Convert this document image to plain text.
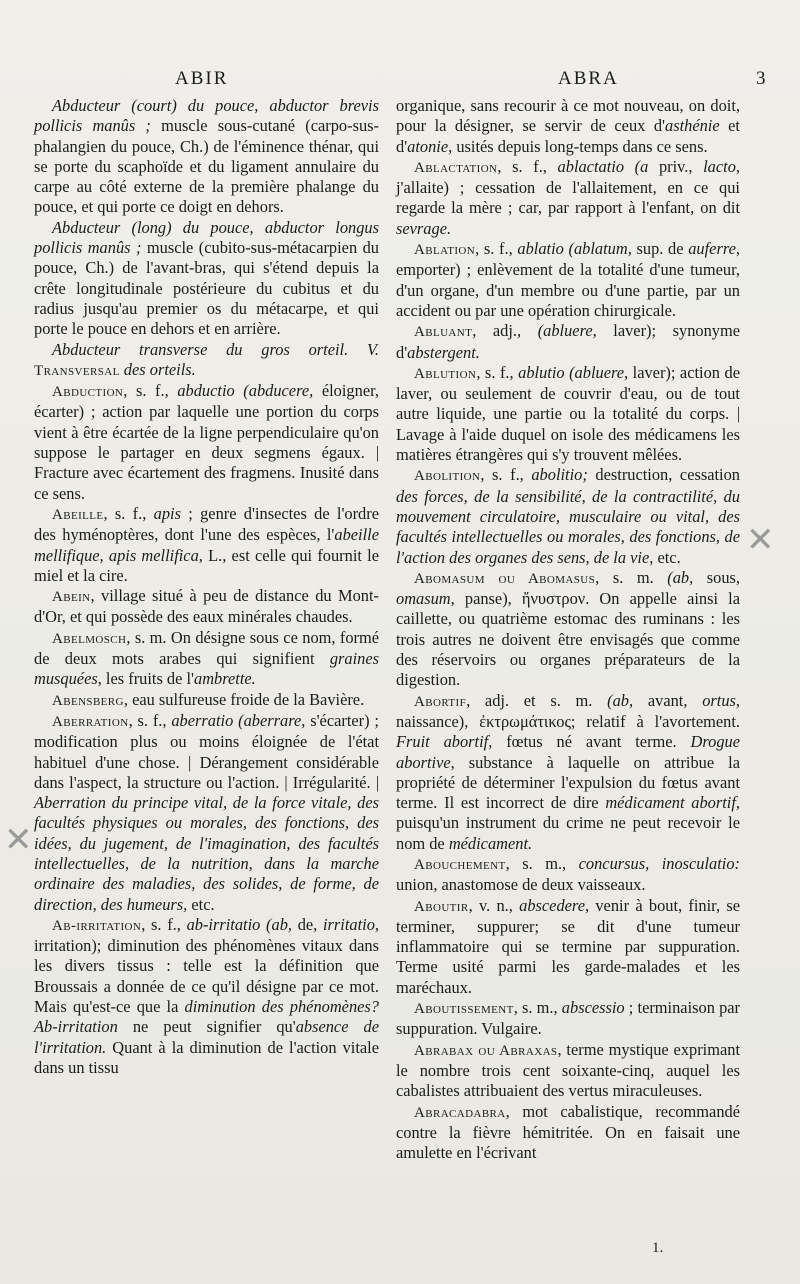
ABIR	ABRA	3

Abducteur (court) du pouce, abductor brevis pollicis manûs ; muscle sous-cutané (carpo-sus-phalangien du pouce, Ch.) de l'éminence thénar, qui se porte du scaphoïde et du ligament annulaire du carpe au côté externe de la première phalange du pouce, et qui porte ce doigt en dehors.

Abducteur (long) du pouce, abductor longus pollicis manûs ; muscle (cubito-sus-métacarpien du pouce, Ch.) de l'avant-bras, qui s'étend depuis la crête longitudinale postérieure du cubitus et du radius jusqu'au premier os du métacarpe, et qui porte le pouce en dehors et en arrière.

Abducteur transverse du gros orteil. V. Transversal des orteils.

Abduction, s. f., abductio (abducere, éloigner, écarter) ; action par laquelle une portion du corps vient à être écartée de la ligne perpendiculaire qu'on suppose le partager en deux segmens égaux. | Fracture avec écartement des fragmens. Inusité dans ce sens.

Abeille, s. f., apis ; genre d'insectes de l'ordre des hyménoptères, dont l'une des espèces, l'abeille mellifique, apis mellifica, L., est celle qui fournit le miel et la cire.

Abein, village situé à peu de distance du Mont-d'Or, et qui possède des eaux minérales chaudes.

Abelmosch, s. m. On désigne sous ce nom, formé de deux mots arabes qui signifient graines musquées, les fruits de l'ambrette.

Abensberg, eau sulfureuse froide de la Bavière.

Aberration, s. f., aberratio (aberrare, s'écarter) ; modification plus ou moins éloignée de l'état habituel d'une chose. | Dérangement considérable dans l'aspect, la structure ou l'action. | Irrégularité. | Aberration du principe vital, de la force vitale, des facultés physiques ou morales, des fonctions, des idées, du jugement, de l'imagination, des facultés intellectuelles, de la nutrition, dans la marche ordinaire des maladies, des solides, de forme, de direction, des humeurs, etc.

Ab-irritation, s. f., ab-irritatio (ab, de, irritatio, irritation); diminution des phénomènes vitaux dans les divers tissus : telle est la définition que Broussais a donnée de ce qu'il désigne par ce mot. Mais qu'est-ce que la diminution des phénomènes? Ab-irritation ne peut signifier qu'absence de l'irritation. Quant à la diminution de l'action vitale dans un tissu

organique, sans recourir à ce mot nouveau, on doit, pour la désigner, se servir de ceux d'asthénie et d'atonie, usités depuis long-temps dans ce sens.

Ablactation, s. f., ablactatio (a priv., lacto, j'allaite) ; cessation de l'allaitement, en ce qui regarde la mère ; car, par rapport à l'enfant, on dit sevrage.

Ablation, s. f., ablatio (ablatum, sup. de auferre, emporter) ; enlèvement de la totalité d'une tumeur, d'un organe, d'un membre ou d'une partie, par un accident ou par une opération chirurgicale.

Abluant, adj., (abluere, laver); synonyme d'abstergent.

Ablution, s. f., ablutio (abluere, laver); action de laver, ou seulement de couvrir d'eau, ou de tout autre liquide, une partie ou la totalité du corps. | Lavage à l'aide duquel on isole des médicamens les matières étrangères qui s'y trouvent mêlées.

Abolition, s. f., abolitio; destruction, cessation des forces, de la sensibilité, de la contractilité, du mouvement circulatoire, musculaire ou vital, des facultés intellectuelles ou morales, des fonctions, de l'action des organes des sens, de la vie, etc.

Abomasum ou Abomasus, s. m. (ab, sous, omasum, panse), ἤνυστρον. On appelle ainsi la caillette, ou quatrième estomac des ruminans : les trois autres ne doivent être envisagés que comme des réservoirs ou organes préparateurs de la digestion.

Abortif, adj. et s. m. (ab, avant, ortus, naissance), ἐκτρωμάτικος; relatif à l'avortement. Fruit abortif, fœtus né avant terme. Drogue abortive, substance à laquelle on attribue la propriété de déterminer l'expulsion du fœtus avant terme. Il est incorrect de dire médicament abortif, puisqu'un instrument du crime ne peut recevoir le nom de médicament.

Abouchement, s. m., concursus, inosculatio: union, anastomose de deux vaisseaux.

Aboutir, v. n., abscedere, venir à bout, finir, se terminer, suppurer; se dit d'une tumeur inflammatoire qui se termine par suppuration. Terme usité parmi les garde-malades et les maréchaux.

Aboutissement, s. m., abscessio ; terminaison par suppuration. Vulgaire.

Abrabax ou Abraxas, terme mystique exprimant le nombre trois cent soixante-cinq, auquel les cabalistes attribuaient des vertus miraculeuses.

Abracadabra, mot cabalistique, recommandé contre la fièvre hémitritée. On en faisait une amulette en l'écrivant

1.
✕
✕
